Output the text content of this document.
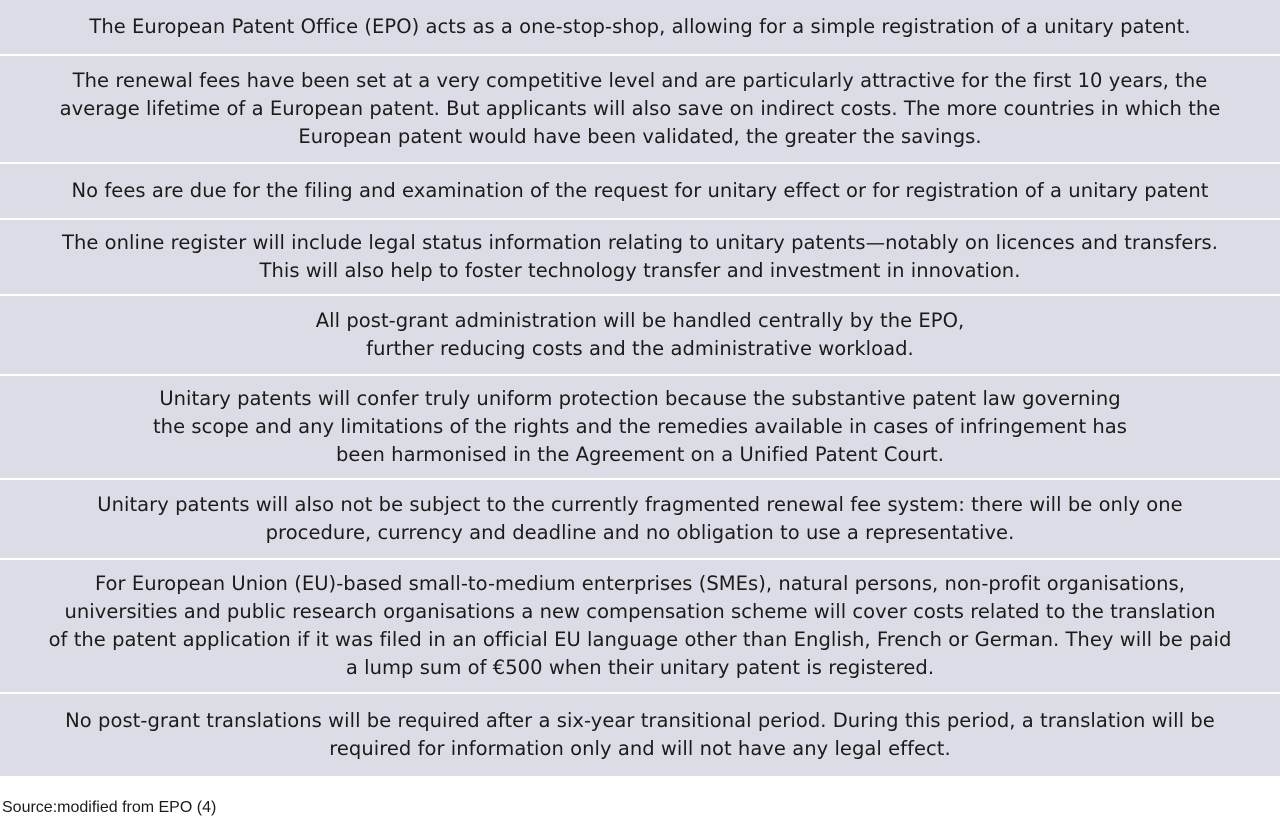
The European Patent Office (EPO) acts as a one-stop-shop, allowing for a simple registration of a unitary patent.
The renewal fees have been set at a very competitive level and are particularly attractive for the first 10 years, the
average lifetime of a European patent. But applicants will also save on indirect costs. The more countries in which the
European patent would have been validated, the greater the savings.
No fees are due for the filing and examination of the request for unitary effect or for registration of a unitary patent
The online register will include legal status information relating to unitary patents—notably on licences and transfers.
This will also help to foster technology transfer and investment in innovation.
All post-grant administration will be handled centrally by the EPO,
further reducing costs and the administrative workload.
Unitary patents will confer truly uniform protection because the substantive patent law governing
the scope and any limitations of the rights and the remedies available in cases of infringement has
been harmonised in the Agreement on a Unified Patent Court.
Unitary patents will also not be subject to the currently fragmented renewal fee system: there will be only one
procedure, currency and deadline and no obligation to use a representative.
For European Union (EU)-based small-to-medium enterprises (SMEs), natural persons, non-profit organisations,
universities and public research organisations a new compensation scheme will cover costs related to the translation
of the patent application if it was filed in an official EU language other than English, French or German. They will be paid
a lump sum of €500 when their unitary patent is registered.
No post-grant translations will be required after a six-year transitional period. During this period, a translation will be
required for information only and will not have any legal effect.
Source:modified from EPO (4)
